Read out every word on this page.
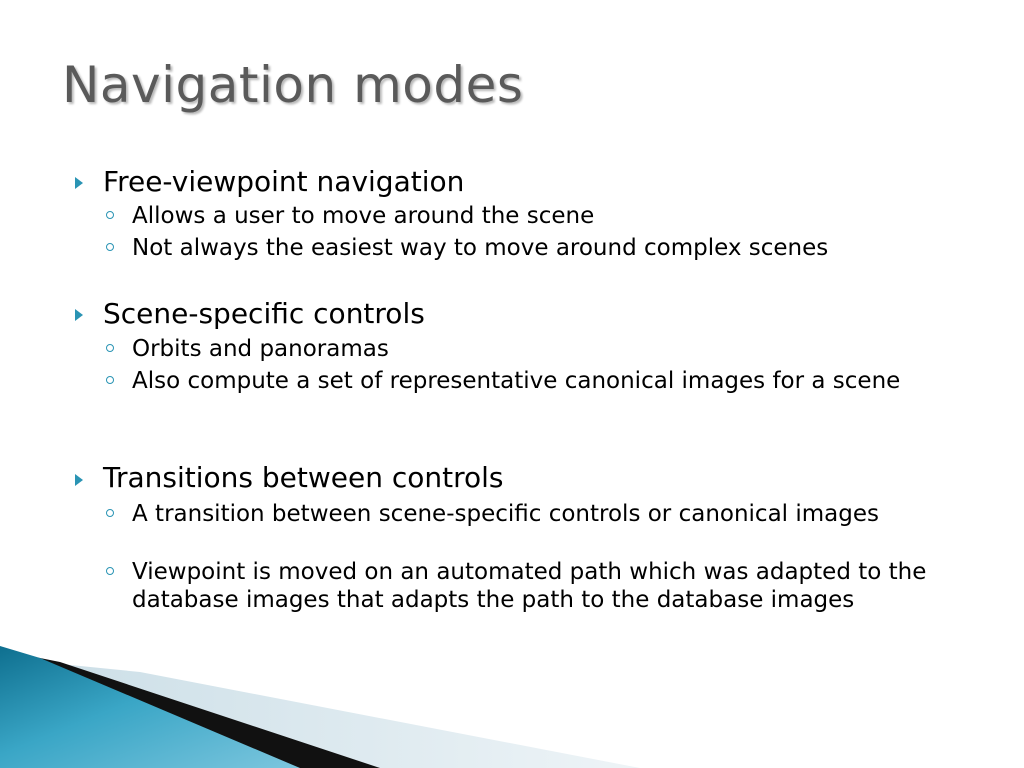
Navigation modes
Free-viewpoint navigation
Allows a user to move around the scene
Not always the easiest way to move around complex scenes
Scene-specific controls
Orbits and panoramas
Also compute a set of representative canonical images for a scene
Transitions between controls
A transition between scene-specific controls or canonical images
Viewpoint is moved on an automated path which was adapted to the database images that adapts the path to the database images
